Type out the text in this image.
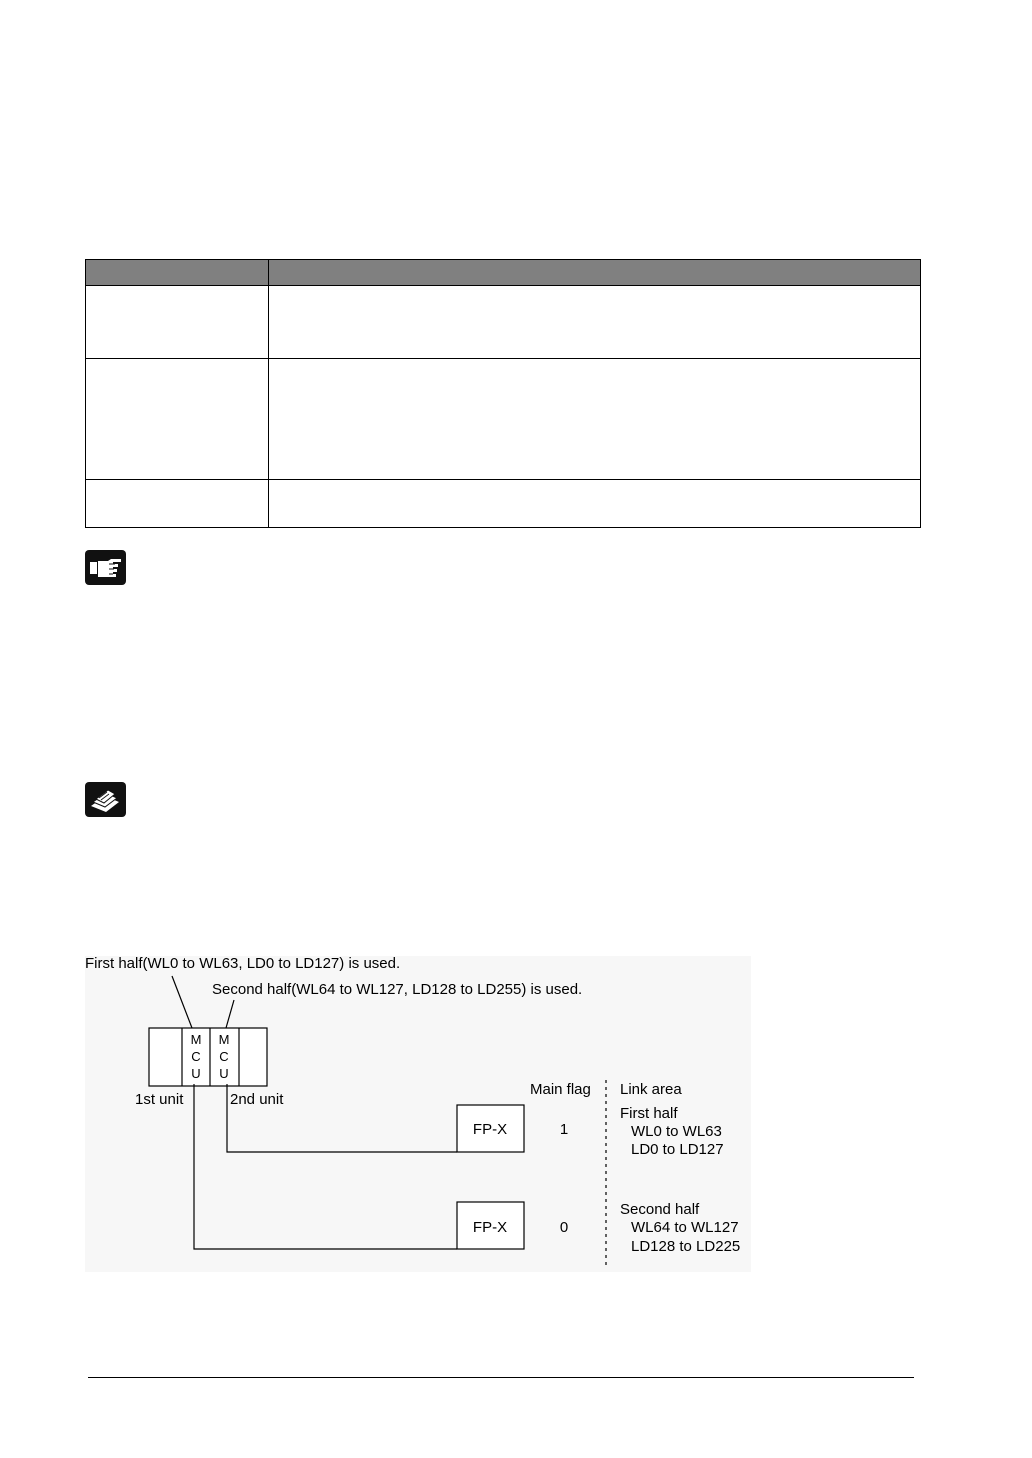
First half(WL0 to WL63, LD0 to LD127) is used.
Second half(WL64 to WL127, LD128 to LD255) is used.
M
C
U
M
C
U
1st unit	2nd unit
Main flag Link area
FP-X	1
First half
WL0 to WL63
LD0 to LD127
FP-X	0
Second half
WL64 to WL127
LD128 to LD225
